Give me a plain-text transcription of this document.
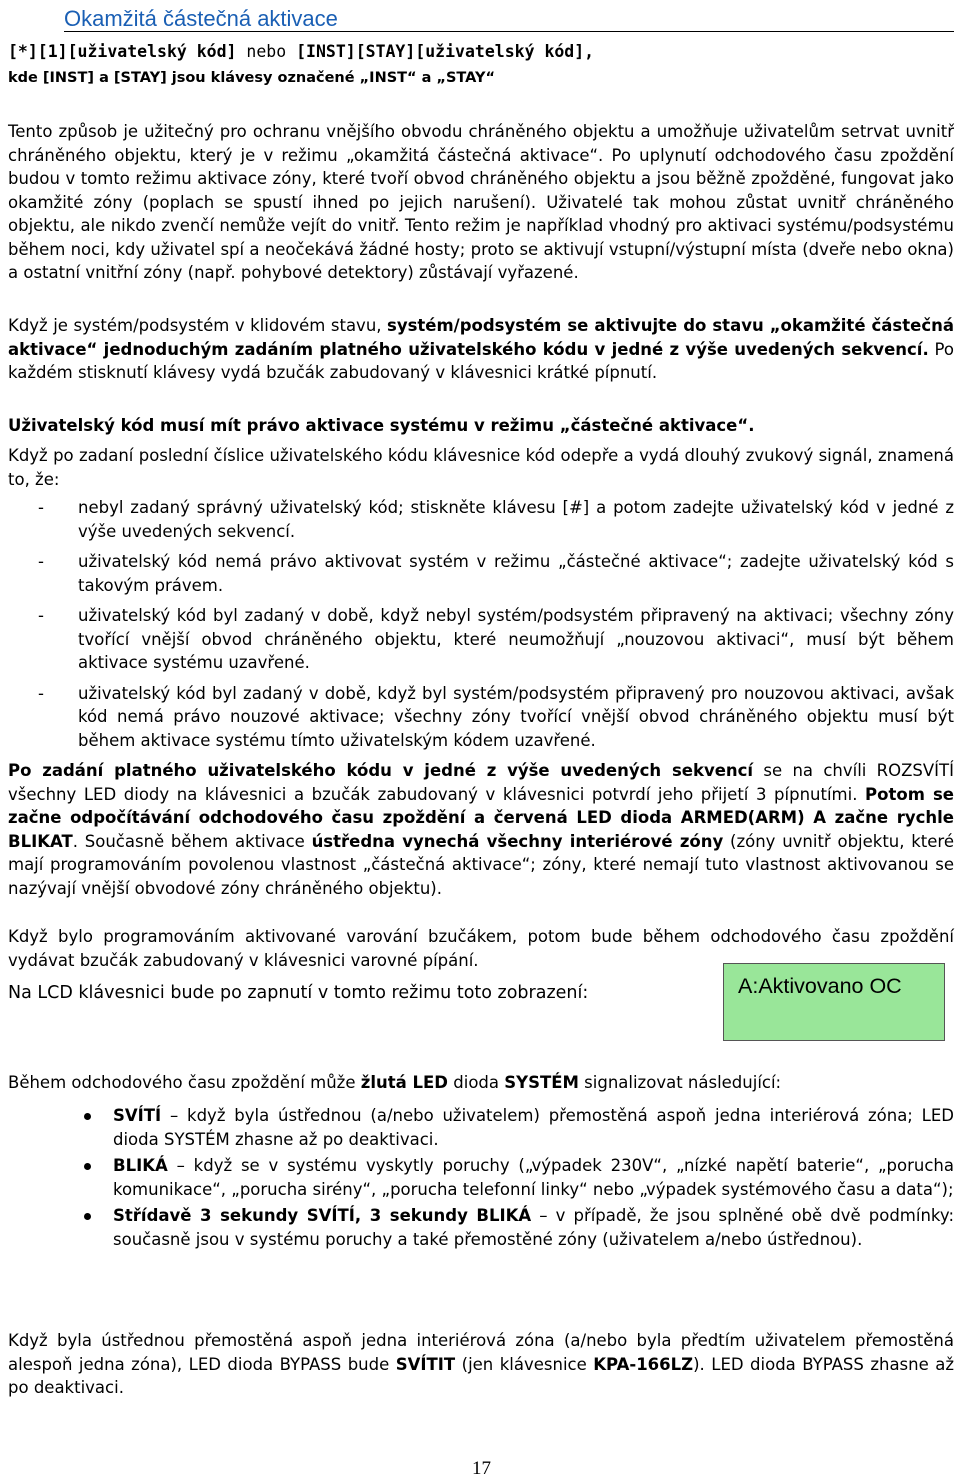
Okamžitá částečná aktivace
[*][1][uživatelský kód] nebo [INST][STAY][uživatelský kód],
kde [INST] a [STAY] jsou klávesy označené „INST“ a „STAY“

Tento způsob je užitečný pro ochranu vnějšího obvodu chráněného objektu a umožňuje uživatelům setrvat uvnitř chráněného objektu, který je v režimu „okamžitá částečná aktivace“. Po uplynutí odchodového času zpoždění budou v tomto režimu aktivace zóny, které tvoří obvod chráněného objektu a jsou běžně zpožděné, fungovat jako okamžité zóny (poplach se spustí ihned po jejich narušení). Uživatelé tak mohou zůstat uvnitř chráněného objektu, ale nikdo zvenčí nemůže vejít do vnitř. Tento režim je například vhodný pro aktivaci systému/podsystému během noci, kdy uživatel spí a neočekává žádné hosty; proto se aktivují vstupní/výstupní místa (dveře nebo okna) a ostatní vnitřní zóny (např. pohybové detektory) zůstávají vyřazené.

Když je systém/podsystém v klidovém stavu, systém/podsystém se aktivujte do stavu „okamžité částečná aktivace“ jednoduchým zadáním platného uživatelského kódu v jedné z výše uvedených sekvencí. Po každém stisknutí klávesy vydá bzučák zabudovaný v klávesnici krátké pípnutí.

Uživatelský kód musí mít právo aktivace systému v režimu „částečné aktivace“.

Když po zadaní poslední číslice uživatelského kódu klávesnice kód odepře a vydá dlouhý zvukový signál, znamená to, že:

- nebyl zadaný správný uživatelský kód; stiskněte klávesu [#] a potom zadejte uživatelský kód v jedné z výše uvedených sekvencí.
- uživatelský kód nemá právo aktivovat systém v režimu „částečné aktivace“; zadejte uživatelský kód s takovým právem.
- uživatelský kód byl zadaný v době, když nebyl systém/podsystém připravený na aktivaci; všechny zóny tvořící vnější obvod chráněného objektu, které neumožňují „nouzovou aktivaci“, musí být během aktivace systému uzavřené.
- uživatelský kód byl zadaný v době, když byl systém/podsystém připravený pro nouzovou aktivaci, avšak kód nemá právo nouzové aktivace; všechny zóny tvořící vnější obvod chráněného objektu musí být během aktivace systému tímto uživatelským kódem uzavřené.

Po zadání platného uživatelského kódu v jedné z výše uvedených sekvencí se na chvíli ROZSVÍTÍ všechny LED diody na klávesnici a bzučák zabudovaný v klávesnici potvrdí jeho přijetí 3 pípnutími. Potom se začne odpočítávání odchodového času zpoždění a červená LED dioda ARMED(ARM) A začne rychle BLIKAT. Současně během aktivace ústředna vynechá všechny interiérové zóny (zóny uvnitř objektu, které mají programováním povolenou vlastnost „částečná aktivace“; zóny, které nemají tuto vlastnost aktivovanou se nazývají vnější obvodové zóny chráněného objektu).

Když bylo programováním aktivované varování bzučákem, potom bude během odchodového času zpoždění vydávat bzučák zabudovaný v klávesnici varovné pípání.

Na LCD klávesnici bude po zapnutí v tomto režimu toto zobrazení:

Během odchodového času zpoždění může žlutá LED dioda SYSTÉM signalizovat následující:

SVÍTÍ – když byla ústřednou (a/nebo uživatelem) přemostěná aspoň jedna interiérová zóna; LED dioda SYSTÉM zhasne až po deaktivaci.
BLIKÁ – když se v systému vyskytly poruchy („výpadek 230V“, „nízké napětí baterie“, „porucha komunikace“, „porucha sirény“, „porucha telefonní linky“ nebo „výpadek systémového času a data“);
Střídavě 3 sekundy SVÍTÍ, 3 sekundy BLIKÁ – v případě, že jsou splněné obě dvě podmínky: současně jsou v systému poruchy a také přemostěné zóny (uživatelem a/nebo ústřednou).

Když byla ústřednou přemostěná aspoň jedna interiérová zóna (a/nebo byla předtím uživatelem přemostěná alespoň jedna zóna), LED dioda BYPASS bude SVÍTIT (jen klávesnice KPA-166LZ). LED dioda BYPASS zhasne až po deaktivaci.

A:Aktivovano OC
17
